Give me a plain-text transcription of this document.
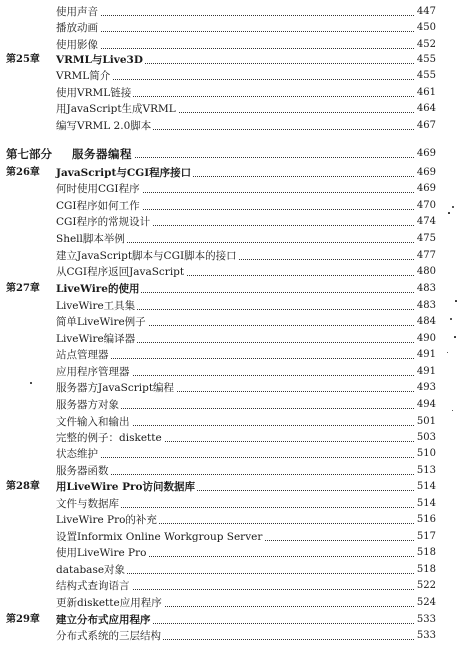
使用声音	447
播放动画	450
使用影像	452
第25章 VRML与Live3D	455
VRML简介	455
使用VRML链接	461
用JavaScript生成VRML	464
编写VRML 2.0脚本	467
第七部分 服务器编程	469
第26章 JavaScript与CGI程序接口	469
何时使用CGI程序	469
CGI程序如何工作	470
CGI程序的常规设计	474
Shell脚本举例	475
建立JavaScript脚本与CGI脚本的接口	477
从CGI程序返回JavaScript	480
第27章 LiveWire的使用	483
LiveWire工具集	483
简单LiveWire例子	484
LiveWire编译器	490
站点管理器	491
应用程序管理器	491
服务器方JavaScript编程	493
服务器方对象	494
文件输入和输出	501
完整的例子：diskette	503
状态维护	510
服务器函数	513
第28章 用LiveWire Pro访问数据库	514
文件与数据库	514
LiveWire Pro的补充	516
设置Informix Online Workgroup Server	517
使用LiveWire Pro	518
database对象	518
结构式查询语言	522
更新diskette应用程序	524
第29章 建立分布式应用程序	533
分布式系统的三层结构	533
